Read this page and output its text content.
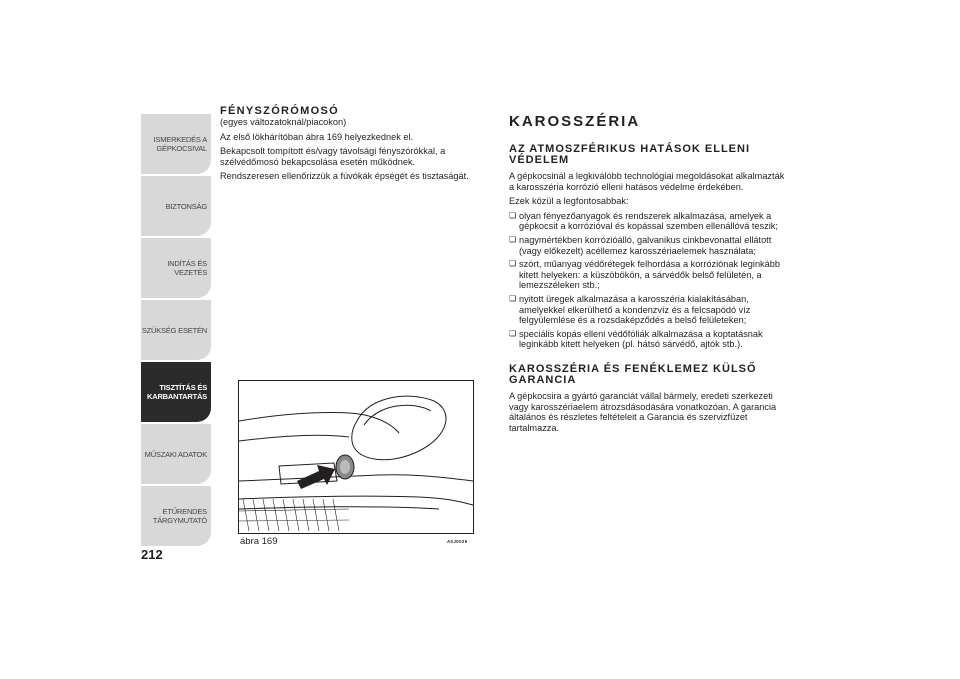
ISMERKEDÉS A GÉPKOCSIVAL
BIZTONSÁG
INDÍTÁS ÉS VEZETÉS
SZÜKSÉG ESETÉN
TISZTÍTÁS ÉS KARBANTARTÁS
MŰSZAKI ADATOK
ETŰRENDES TÁRGYMUTATÓ
212
FÉNYSZÓRÓMOSÓ
(egyes változatoknál/piacokon)

Az első lökhárítóban ábra 169 helyezkednek el.

Bekapcsolt tompított és/vagy távolsági fényszórókkal, a szélvédőmosó bekapcsolása esetén működnek.

Rendszeresen ellenőrizzük a fúvókák épségét és tisztaságát.

ábra 169	A0J0029
KAROSSZÉRIA
AZ ATMOSZFÉRIKUS HATÁSOK ELLENI VÉDELEM

A gépkocsinál a legkiválóbb technológiai megoldásokat alkalmazták a karosszéria korrózió elleni hatásos védelme érdekében.

Ezek közül a legfontosabbak:

❏ olyan fényezőanyagok és rendszerek alkalmazása, amelyek a gépkocsit a korrózióval és kopással szemben ellenállóvá teszik;
❏ nagymértékben korrózióálló, galvanikus cinkbevonattal ellátott (vagy előkezelt) acéllemez karosszériaelemek használata;
❏ szórt, műanyag védőrétegek felhordása a korróziónak leginkább kitett helyeken: a küszöbökön, a sárvédők belső felületén, a lemezszéleken stb.;
❏ nyitott üregek alkalmazása a karosszéria kialakításában, amelyekkel elkerülhető a kondenzvíz és a felcsapódó víz felgyülemlése és a rozsdaképződés a belső felületeken;
❏ speciális kopás elleni védőfóliák alkalmazása a koptatásnak leginkább kitett helyeken (pl. hátsó sárvédő, ajtók stb.).
KAROSSZÉRIA ÉS FENÉKLEMEZ KÜLSŐ GARANCIA

A gépkocsira a gyártó garanciát vállal bármely, eredeti szerkezeti vagy karosszériaelem átrozsdásodására vonatkozóan. A garancia általános és részletes feltételeit a Garancia és szervizfüzet tartalmazza.
